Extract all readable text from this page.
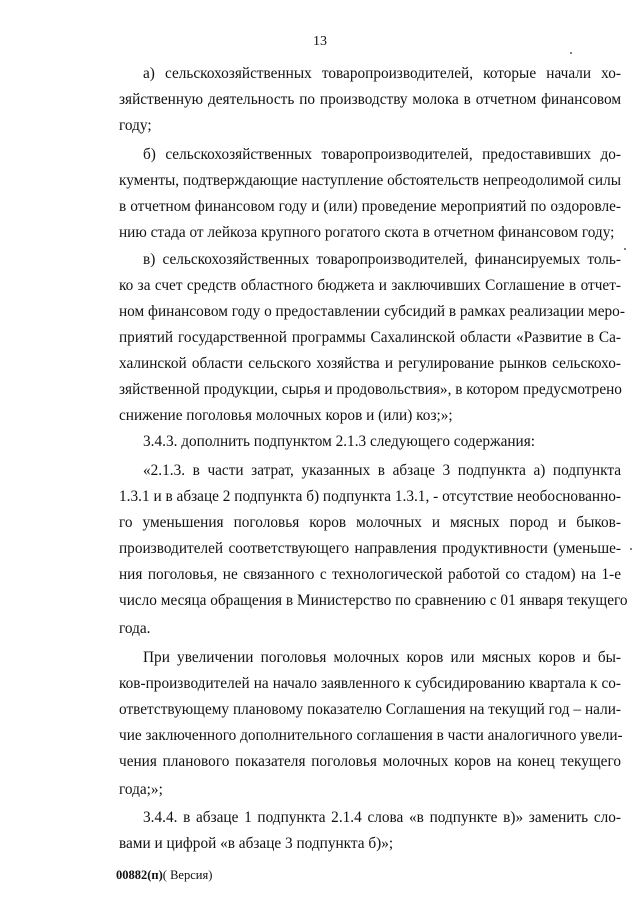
13
а) сельскохозяйственных товаропроизводителей, которые начали хо-
зяйственную деятельность по производству молока в отчетном финансовом
году;
б) сельскохозяйственных товаропроизводителей, предоставивших до-
кументы, подтверждающие наступление обстоятельств непреодолимой силы
в отчетном финансовом году и (или) проведение мероприятий по оздоровле-
нию стада от лейкоза крупного рогатого скота в отчетном финансовом году;
в) сельскохозяйственных товаропроизводителей, финансируемых толь-
ко за счет средств областного бюджета и заключивших Соглашение в отчет-
ном финансовом году о предоставлении субсидий в рамках реализации меро-
приятий государственной программы Сахалинской области «Развитие в Са-
халинской области сельского хозяйства и регулирование рынков сельскохо-
зяйственной продукции, сырья и продовольствия», в котором предусмотрено
снижение поголовья молочных коров и (или) коз;»;
3.4.3. дополнить подпунктом 2.1.3 следующего содержания:
«2.1.3. в части затрат, указанных в абзаце 3 подпункта а) подпункта
1.3.1 и в абзаце 2 подпункта б) подпункта 1.3.1, - отсутствие необоснованно-
го уменьшения поголовья коров молочных и мясных пород и быков-
производителей соответствующего направления продуктивности (уменьше-
ния поголовья, не связанного с технологической работой со стадом) на 1-е
число месяца обращения в Министерство по сравнению с 01 января текущего
года.
При увеличении поголовья молочных коров или мясных коров и бы-
ков-производителей на начало заявленного к субсидированию квартала к со-
ответствующему плановому показателю Соглашения на текущий год – нали-
чие заключенного дополнительного соглашения в части аналогичного увели-
чения планового показателя поголовья молочных коров на конец текущего
года;»;
3.4.4. в абзаце 1 подпункта 2.1.4 слова «в подпункте в)» заменить сло-
вами и цифрой «в абзаце 3 подпункта б)»;
00882(п)( Версия)
